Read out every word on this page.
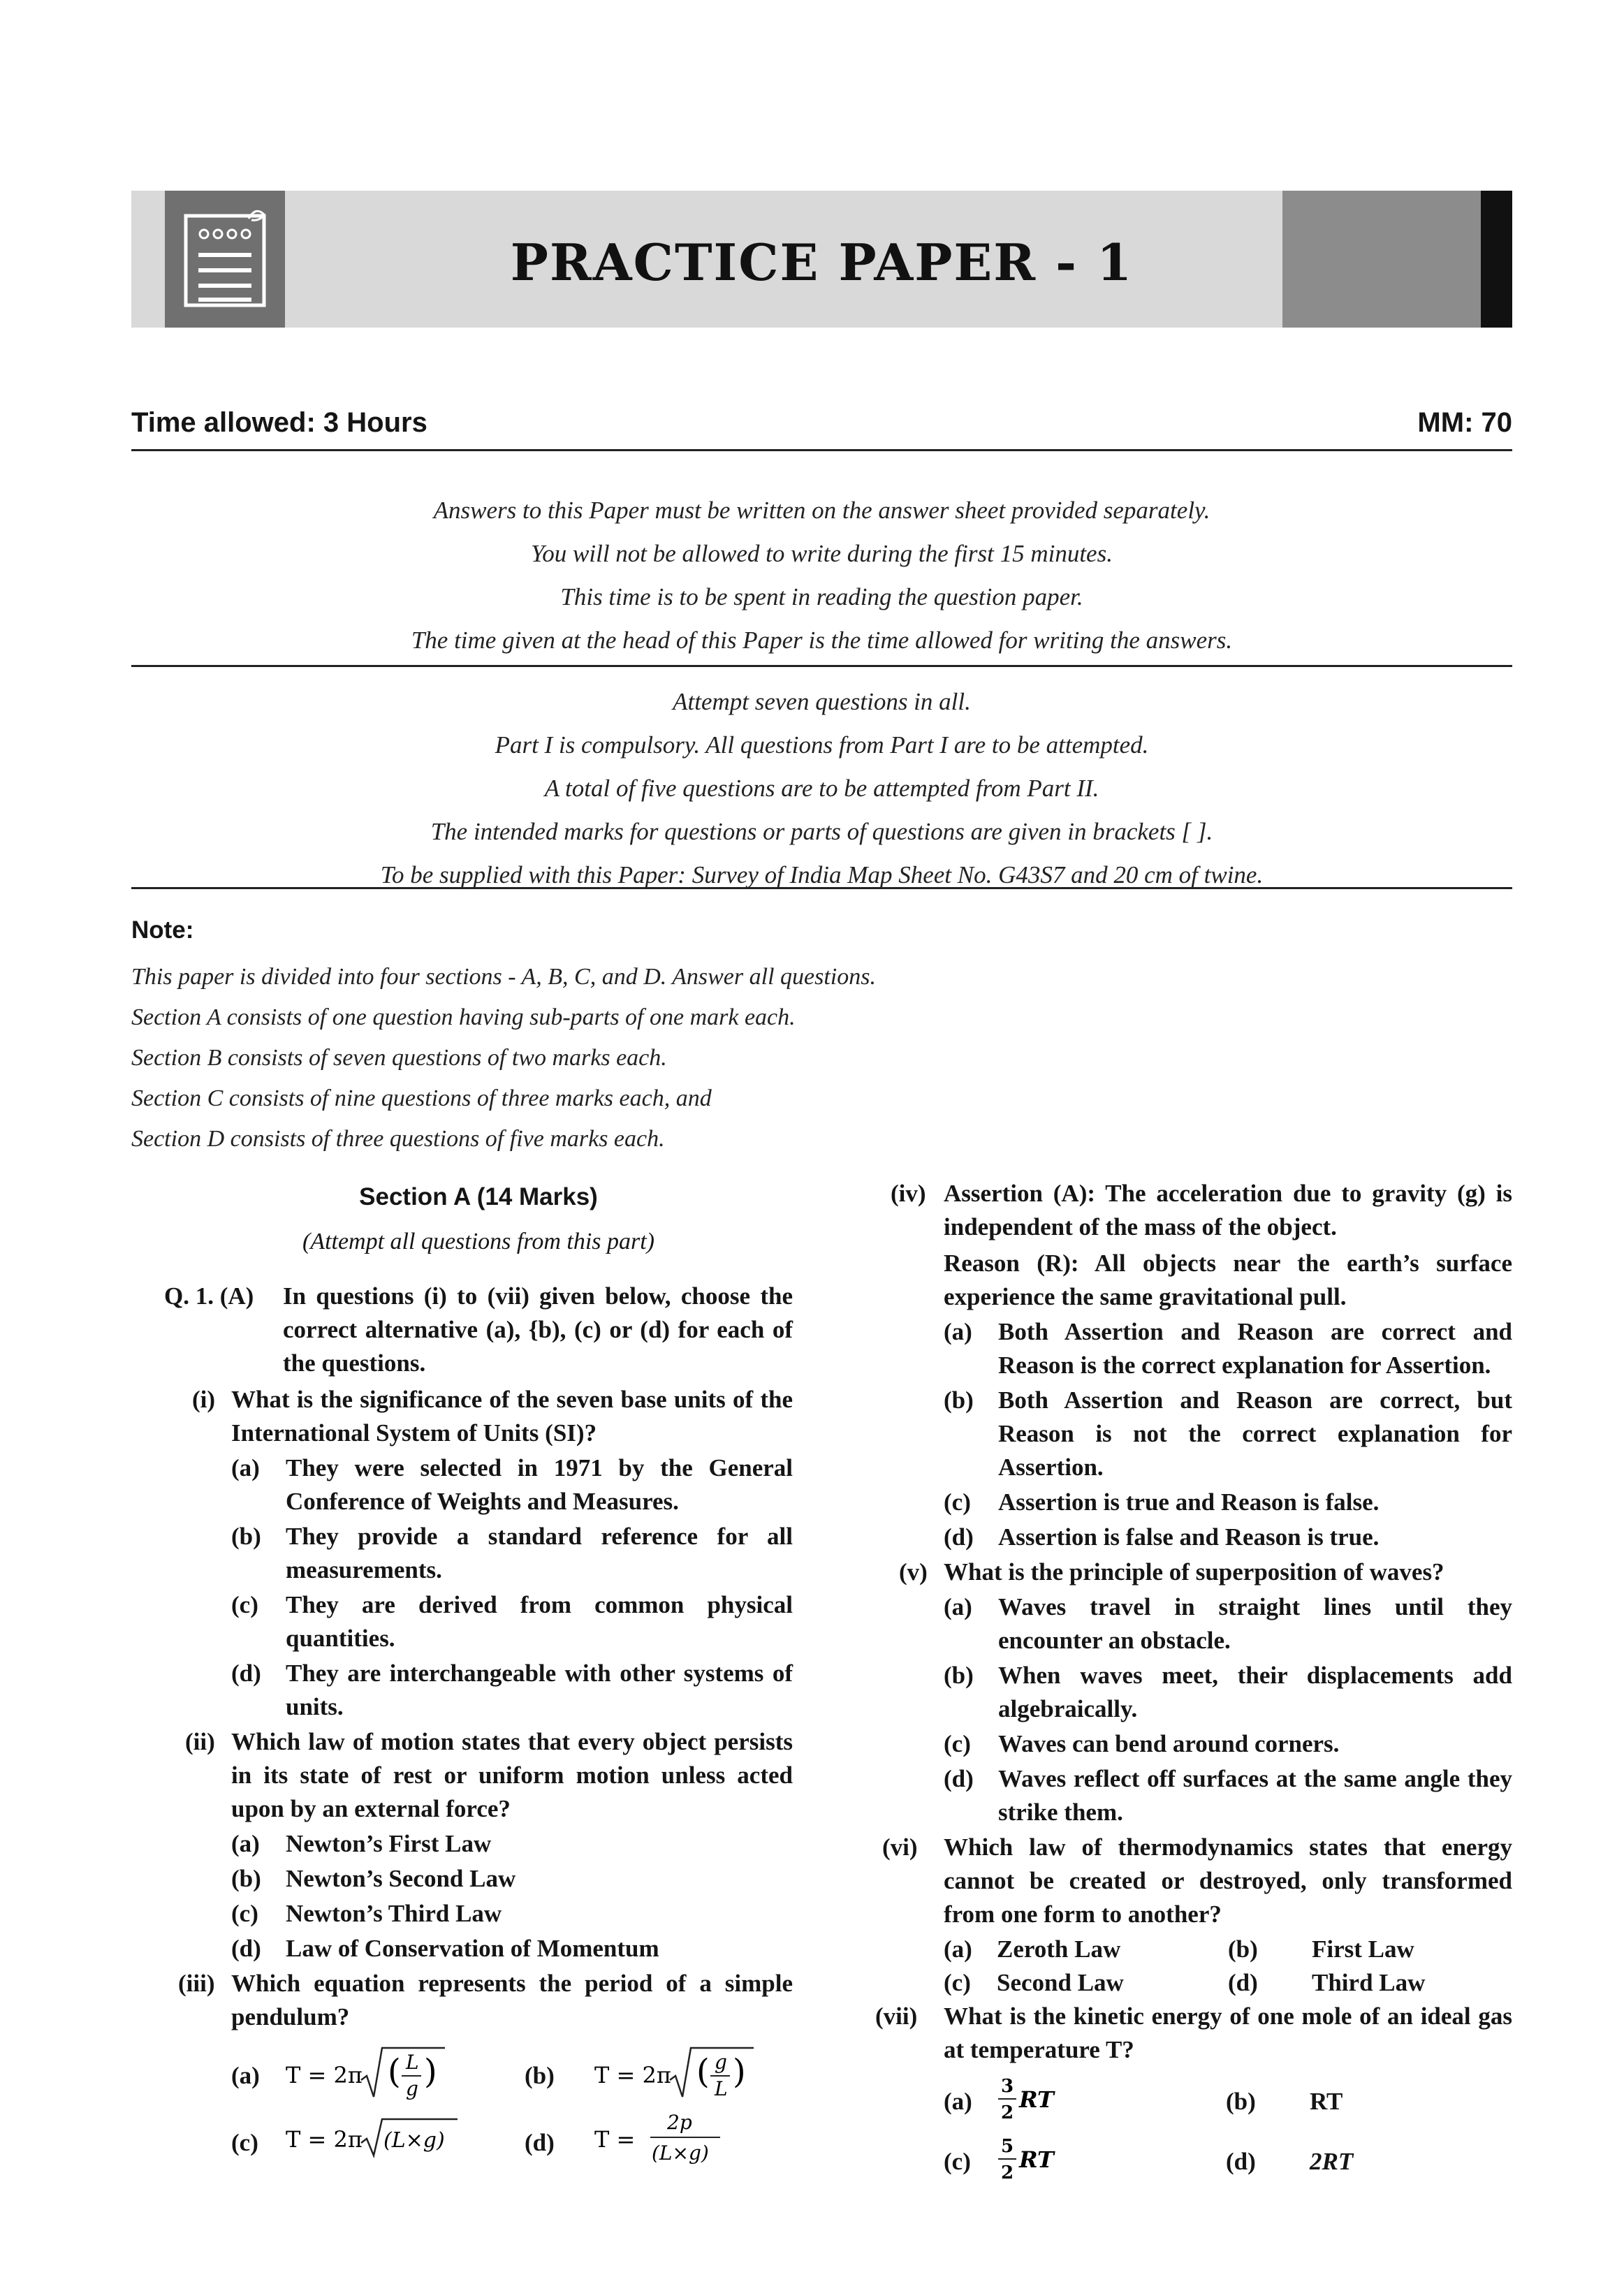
PRACTICE PAPER - 1
Time allowed: 3 Hours	MM: 70
Answers to this Paper must be written on the answer sheet provided separately.
You will not be allowed to write during the first 15 minutes.
This time is to be spent in reading the question paper.
The time given at the head of this Paper is the time allowed for writing the answers.
Attempt seven questions in all.
Part I is compulsory. All questions from Part I are to be attempted.
A total of five questions are to be attempted from Part II.
The intended marks for questions or parts of questions are given in brackets [ ].
To be supplied with this Paper: Survey of India Map Sheet No. G43S7 and 20 cm of twine.
Note:
This paper is divided into four sections - A, B, C, and D. Answer all questions.
Section A consists of one question having sub-parts of one mark each.
Section B consists of seven questions of two marks each.
Section C consists of nine questions of three marks each, and
Section D consists of three questions of five marks each.
Section A (14 Marks)
(Attempt all questions from this part)
Q. 1. (A) In questions (i) to (vii) given below, choose the correct alternative (a), {b), (c) or (d) for each of the questions.
(i) What is the significance of the seven base units of the International System of Units (SI)?
(a) They were selected in 1971 by the General Conference of Weights and Measures.
(b) They provide a standard reference for all measurements.
(c) They are derived from common physical quantities.
(d) They are interchangeable with other systems of units.
(ii) Which law of motion states that every object persists in its state of rest or uniform motion unless acted upon by an external force?
(a) Newton’s First Law
(b) Newton’s Second Law
(c) Newton’s Third Law
(d) Law of Conservation of Momentum
(iii) Which equation represents the period of a simple pendulum?
(a) T = 2π ( L
g )	(b) T = 2π ( g
L )
(c) T = 2π (L×g)	(d) T =
2p
(L×g)
(iv) Assertion (A): The acceleration due to gravity (g) is independent of the mass of the object.
Reason (R): All objects near the earth’s surface experience the same gravitational pull.
(a) Both Assertion and Reason are correct and Reason is the correct explanation for Assertion.
(b) Both Assertion and Reason are correct, but Reason is not the correct explanation for Assertion.
(c) Assertion is true and Reason is false.
(d) Assertion is false and Reason is true.
(v) What is the principle of superposition of waves?
(a) Waves travel in straight lines until they encounter an obstacle.
(b) When waves meet, their displacements add algebraically.
(c) Waves can bend around corners.
(d) Waves reflect off surfaces at the same angle they strike them.
(vi) Which law of thermodynamics states that energy cannot be created or destroyed, only transformed from one form to another?
(a) Zeroth Law	(b) First Law
(c) Second Law	(d) Third Law
(vii) What is the kinetic energy of one mole of an ideal gas at temperature T?
(a)
3
2 RT	(b) RT
(c)
5
2 RT	(d) 2RT
